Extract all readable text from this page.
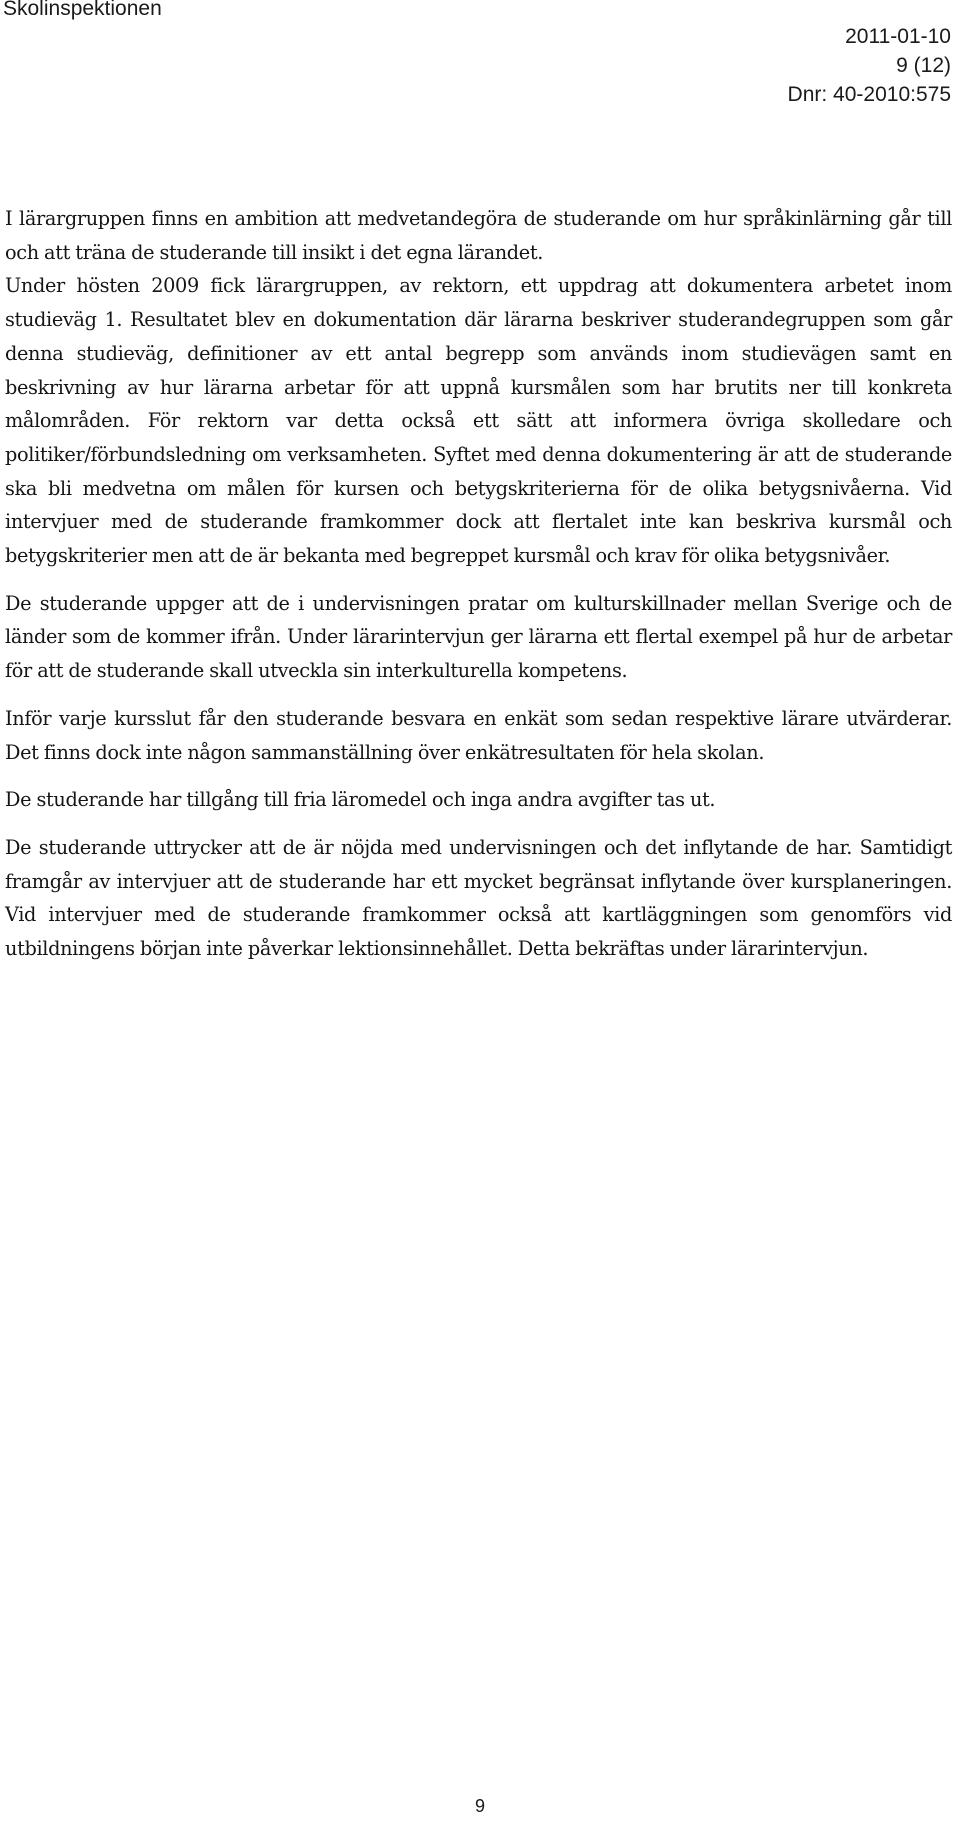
Skolinspektionen
2011-01-10
9 (12)
Dnr: 40-2010:575

I lärargruppen finns en ambition att medvetandegöra de studerande om hur språkinlärning går till och att träna de studerande till insikt i det egna lärandet.

Under hösten 2009 fick lärargruppen, av rektorn, ett uppdrag att dokumentera arbetet inom studieväg 1. Resultatet blev en dokumentation där lärarna beskriver studerandegruppen som går denna studieväg, definitioner av ett antal begrepp som används inom studievägen samt en beskrivning av hur lärarna arbetar för att uppnå kursmålen som har brutits ner till konkreta målområden. För rektorn var detta också ett sätt att informera övriga skolledare och politiker/förbundsledning om verksamheten. Syftet med denna dokumentering är att de studerande ska bli medvetna om målen för kursen och betygskriterierna för de olika betygsnivåerna. Vid intervjuer med de studerande framkommer dock att flertalet inte kan beskriva kursmål och betygskriterier men att de är bekanta med begreppet kursmål och krav för olika betygsnivåer.

De studerande uppger att de i undervisningen pratar om kulturskillnader mellan Sverige och de länder som de kommer ifrån. Under lärarintervjun ger lärarna ett flertal exempel på hur de arbetar för att de studerande skall utveckla sin interkulturella kompetens.

Inför varje kursslut får den studerande besvara en enkät som sedan respektive lärare utvärderar. Det finns dock inte någon sammanställning över enkätresultaten för hela skolan.

De studerande har tillgång till fria läromedel och inga andra avgifter tas ut.

De studerande uttrycker att de är nöjda med undervisningen och det inflytande de har. Samtidigt framgår av intervjuer att de studerande har ett mycket begränsat inflytande över kursplaneringen. Vid intervjuer med de studerande framkommer också att kartläggningen som genomförs vid utbildningens början inte påverkar lektionsinnehållet. Detta bekräftas under lärarintervjun.

9
